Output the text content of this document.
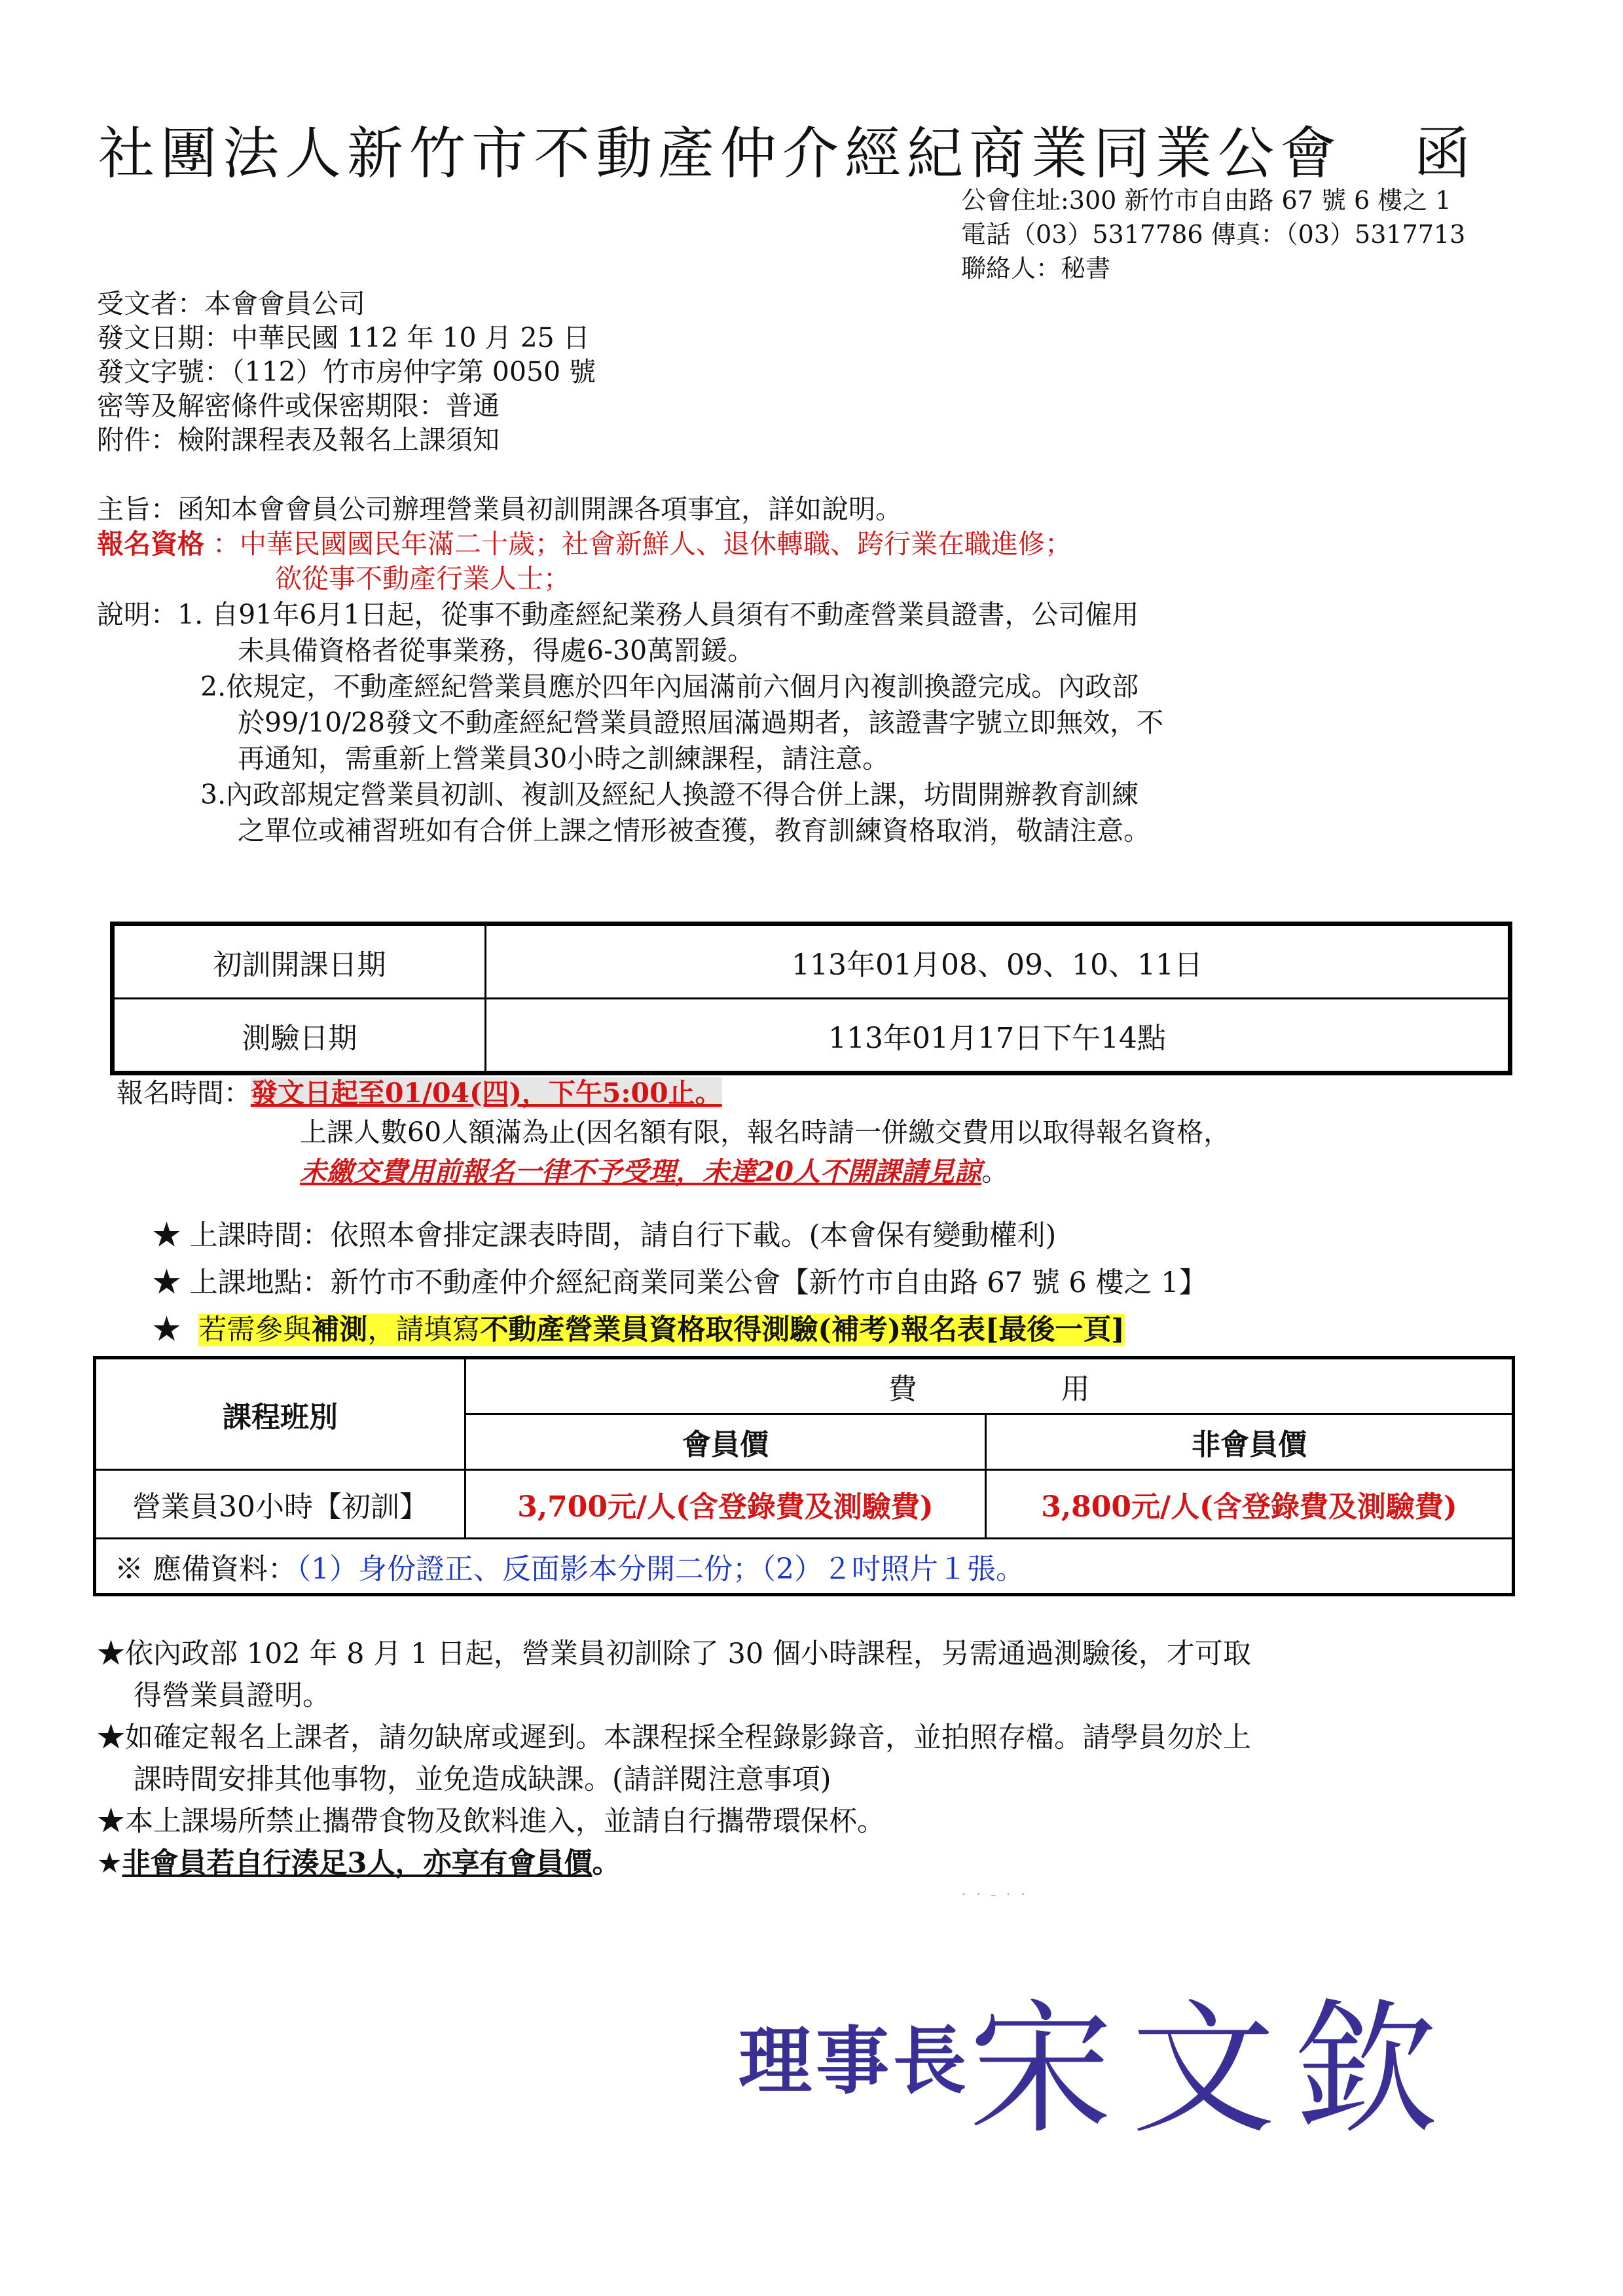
社團法人新竹市不動產仲介經紀商業同業公會 函
公會住址:300 新竹市自由路 67 號 6 樓之 1
電話（03）5317786 傳真：（03）5317713
聯絡人：秘書
受文者：本會會員公司
發文日期：中華民國 112 年 10 月 25 日
發文字號：（112）竹市房仲字第 0050 號
密等及解密條件或保密期限：普通
附件：檢附課程表及報名上課須知
主旨：函知本會會員公司辦理營業員初訓開課各項事宜，詳如說明。
報名資格 ：中華民國國民年滿二十歲；社會新鮮人、退休轉職、跨行業在職進修；
欲從事不動產行業人士；
說明：1. 自91年6月1日起，從事不動產經紀業務人員須有不動產營業員證書，公司僱用
未具備資格者從事業務，得處6-30萬罰鍰。
2.依規定，不動產經紀營業員應於四年內屆滿前六個月內複訓換證完成。內政部
於99/10/28發文不動產經紀營業員證照屆滿過期者，該證書字號立即無效，不
再通知，需重新上營業員30小時之訓練課程，請注意。
3.內政部規定營業員初訓、複訓及經紀人換證不得合併上課，坊間開辦教育訓練
之單位或補習班如有合併上課之情形被查獲，教育訓練資格取消，敬請注意。
初訓開課日期	113年01月08、09、10、11日
測驗日期	113年01月17日下午14點
報名時間：發文日起至01/04(四)，下午5:00止。
上課人數60人額滿為止(因名額有限，報名時請一併繳交費用以取得報名資格，
未繳交費用前報名一律不予受理，未達20人不開課請見諒。
★ 上課時間：依照本會排定課表時間，請自行下載。(本會保有變動權利)
★ 上課地點：新竹市不動產仲介經紀商業同業公會【新竹市自由路 67 號 6 樓之 1】
★ 若需參與補測，請填寫不動產營業員資格取得測驗(補考)報名表[最後一頁]
課程班別	費　　　　　用	
	會員價	非會員價
營業員30小時【初訓】	3,700元/人(含登錄費及測驗費)	3,800元/人(含登錄費及測驗費)
※ 應備資料：（1）身份證正、反面影本分開二份；（2）２吋照片１張。		
★依內政部 102 年 8 月 1 日起，營業員初訓除了 30 個小時課程，另需通過測驗後，才可取
得營業員證明。
★如確定報名上課者，請勿缺席或遲到。本課程採全程錄影錄音，並拍照存檔。請學員勿於上
課時間安排其他事物，並免造成缺課。(請詳閱注意事項)
★本上課場所禁止攜帶食物及飲料進入，並請自行攜帶環保杯。
★非會員若自行湊足3人，亦享有會員價。
· · - · ·
理事長
宋文欽
